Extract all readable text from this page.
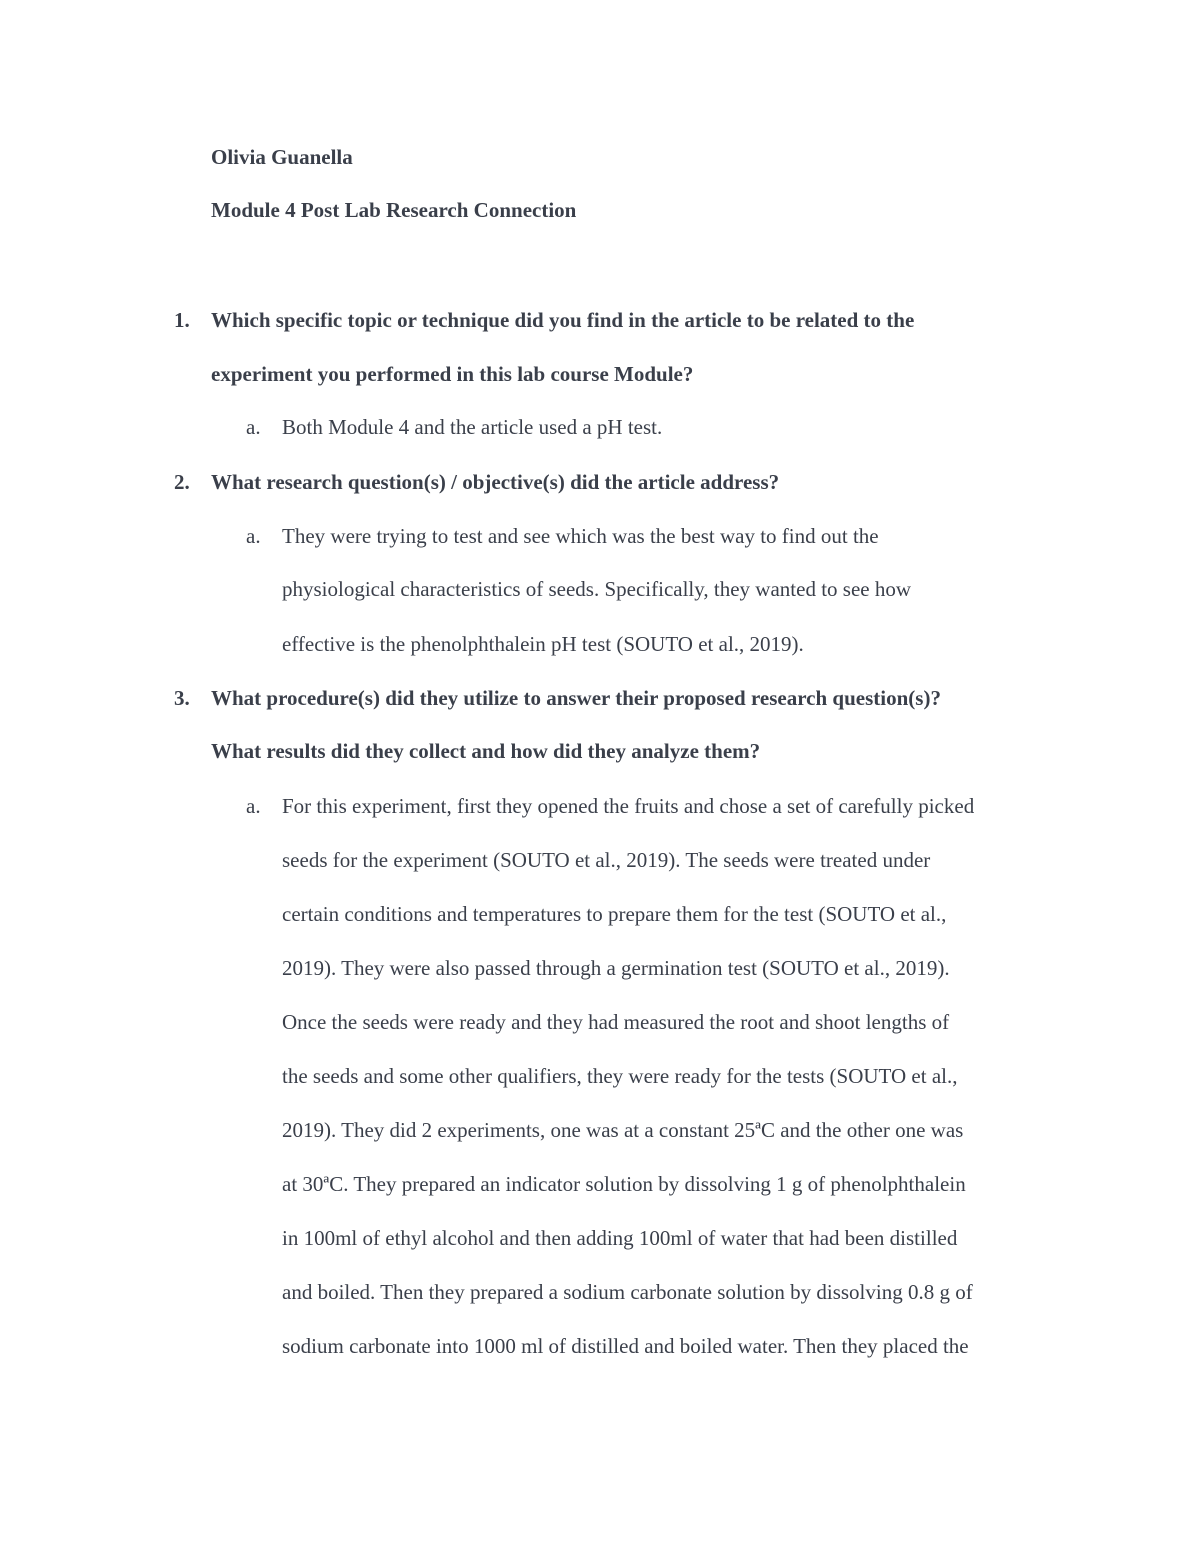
Olivia Guanella
Module 4 Post Lab Research Connection
1. Which specific topic or technique did you find in the article to be related to the
experiment you performed in this lab course Module?
a. Both Module 4 and the article used a pH test.
2. What research question(s) / objective(s) did the article address?
a. They were trying to test and see which was the best way to find out the
physiological characteristics of seeds. Specifically, they wanted to see how
effective is the phenolphthalein pH test (SOUTO et al., 2019).
3. What procedure(s) did they utilize to answer their proposed research question(s)?
What results did they collect and how did they analyze them?
a. For this experiment, first they opened the fruits and chose a set of carefully picked
seeds for the experiment (SOUTO et al., 2019). The seeds were treated under
certain conditions and temperatures to prepare them for the test (SOUTO et al.,
2019). They were also passed through a germination test (SOUTO et al., 2019).
Once the seeds were ready and they had measured the root and shoot lengths of
the seeds and some other qualifiers, they were ready for the tests (SOUTO et al.,
2019). They did 2 experiments, one was at a constant 25ªC and the other one was
at 30ªC. They prepared an indicator solution by dissolving 1 g of phenolphthalein
in 100ml of ethyl alcohol and then adding 100ml of water that had been distilled
and boiled. Then they prepared a sodium carbonate solution by dissolving 0.8 g of
sodium carbonate into 1000 ml of distilled and boiled water. Then they placed the
